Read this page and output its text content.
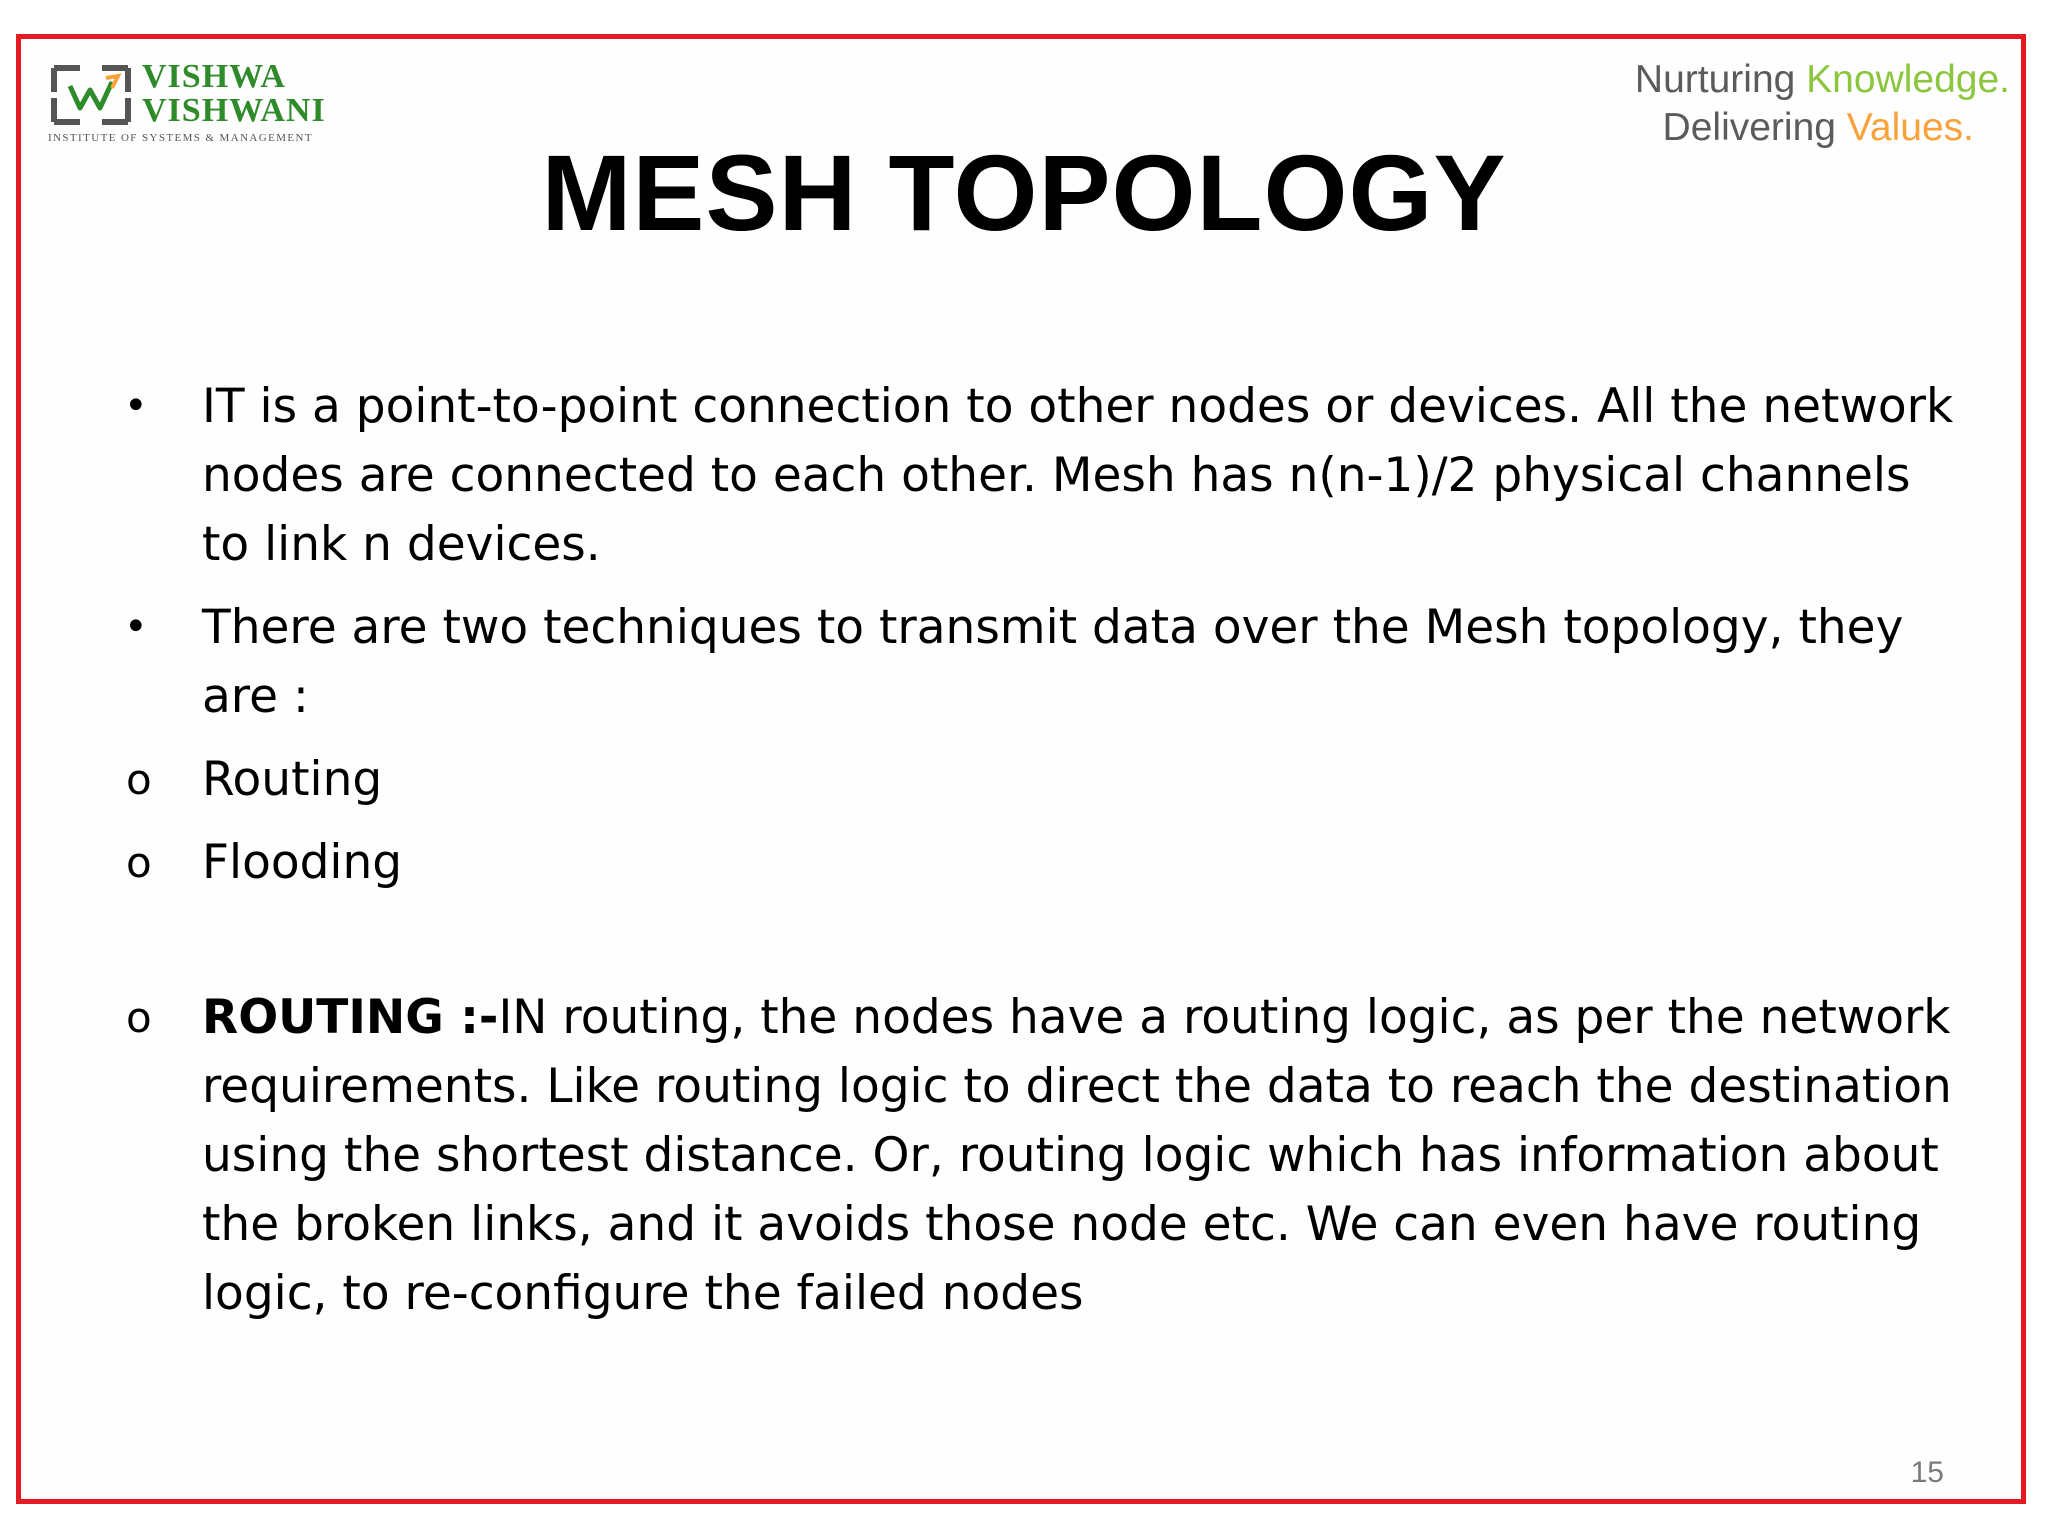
VISHWA
VISHWANI
INSTITUTE OF SYSTEMS & MANAGEMENT
Nurturing Knowledge.
Delivering Values.
MESH TOPOLOGY
• IT is a point-to-point connection to other nodes or devices. All the network nodes are connected to each other. Mesh has n(n-1)/2 physical channels to link n devices.
• There are two techniques to transmit data over the Mesh topology, they are :
o Routing
o Flooding
o ROUTING :-IN routing, the nodes have a routing logic, as per the network requirements. Like routing logic to direct the data to reach the destination using the shortest distance. Or, routing logic which has information about the broken links, and it avoids those node etc. We can even have routing logic, to re-configure the failed nodes
15
